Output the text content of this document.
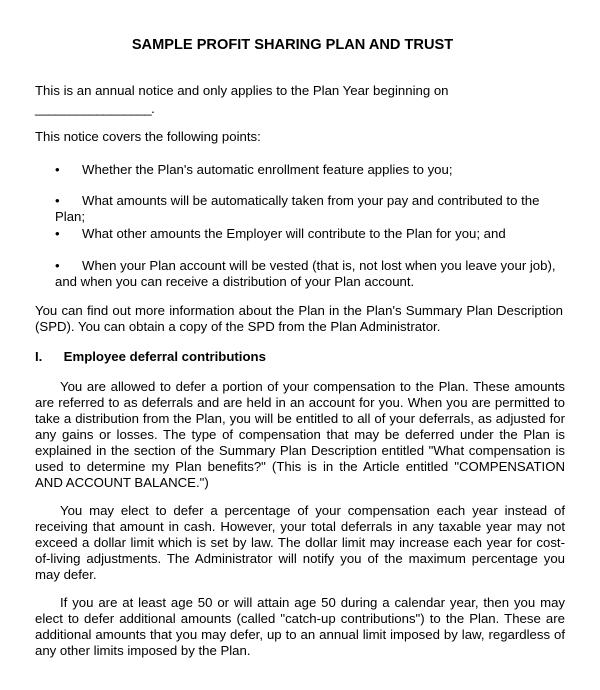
SAMPLE PROFIT SHARING PLAN AND TRUST
This is an annual notice and only applies to the Plan Year beginning on
_________________.
This notice covers the following points:
•	Whether the Plan's automatic enrollment feature applies to you;
•	What amounts will be automatically taken from your pay and contributed to the Plan;
•	What other amounts the Employer will contribute to the Plan for you; and
•	When your Plan account will be vested (that is, not lost when you leave your job), and when you can receive a distribution of your Plan account.
You can find out more information about the Plan in the Plan's Summary Plan Description (SPD). You can obtain a copy of the SPD from the Plan Administrator.
I. Employee deferral contributions
You are allowed to defer a portion of your compensation to the Plan. These amounts are referred to as deferrals and are held in an account for you. When you are permitted to take a distribution from the Plan, you will be entitled to all of your deferrals, as adjusted for any gains or losses. The type of compensation that may be deferred under the Plan is explained in the section of the Summary Plan Description entitled "What compensation is used to determine my Plan benefits?" (This is in the Article entitled "COMPENSATION AND ACCOUNT BALANCE.")
You may elect to defer a percentage of your compensation each year instead of receiving that amount in cash. However, your total deferrals in any taxable year may not exceed a dollar limit which is set by law. The dollar limit may increase each year for cost-of-living adjustments. The Administrator will notify you of the maximum percentage you may defer.
If you are at least age 50 or will attain age 50 during a calendar year, then you may elect to defer additional amounts (called "catch-up contributions") to the Plan. These are additional amounts that you may defer, up to an annual limit imposed by law, regardless of any other limits imposed by the Plan.
